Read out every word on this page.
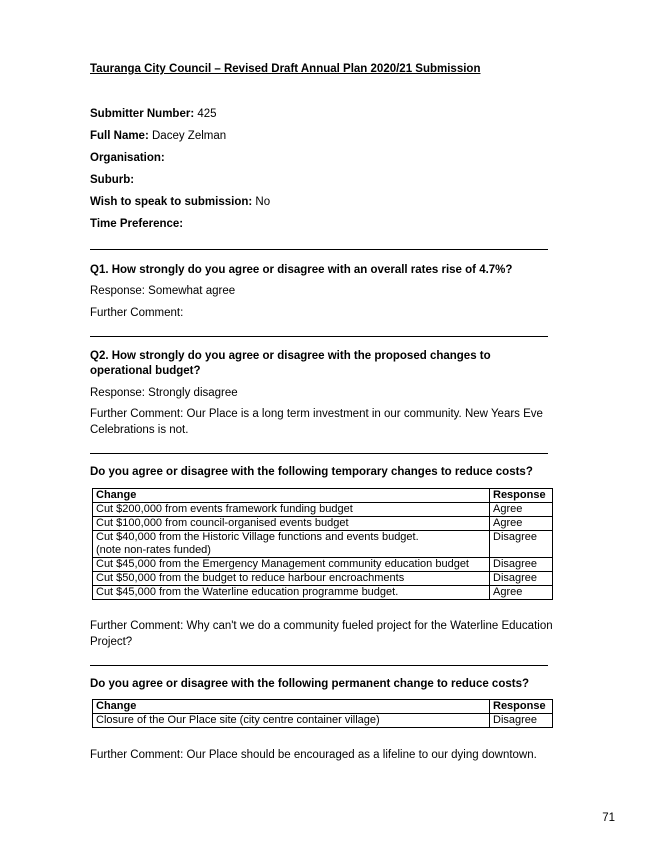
Tauranga City Council – Revised Draft Annual Plan 2020/21 Submission
Submitter Number: 425
Full Name: Dacey Zelman
Organisation:
Suburb:
Wish to speak to submission: No
Time Preference:
Q1. How strongly do you agree or disagree with an overall rates rise of 4.7%?
Response: Somewhat agree
Further Comment:
Q2. How strongly do you agree or disagree with the proposed changes to operational budget?
Response: Strongly disagree
Further Comment: Our Place is a long term investment in our community. New Years Eve Celebrations is not.
Do you agree or disagree with the following temporary changes to reduce costs?
Change	Response
Cut $200,000 from events framework funding budget	Agree
Cut $100,000 from council-organised events budget	Agree

Cut $40,000 from the Historic Village functions and events budget.
(note non-rates funded)	Disagree
Cut $45,000 from the Emergency Management community education budget	Disagree
Cut $50,000 from the budget to reduce harbour encroachments	Disagree
Cut $45,000 from the Waterline education programme budget.	Agree
Further Comment: Why can't we do a community fueled project for the Waterline Education Project?
Do you agree or disagree with the following permanent change to reduce costs?
Change	Response
Closure of the Our Place site (city centre container village)	Disagree
Further Comment: Our Place should be encouraged as a lifeline to our dying downtown.
71
